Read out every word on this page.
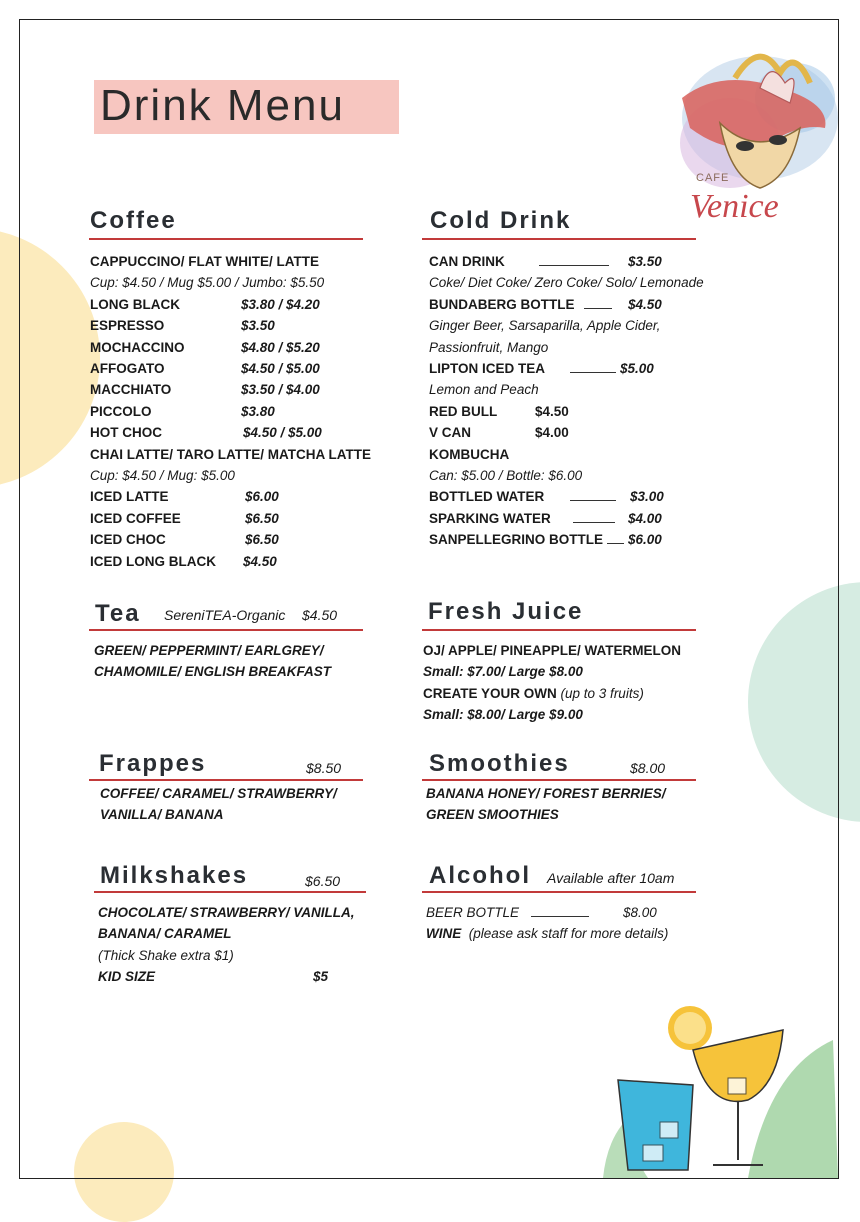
Drink Menu
CAFE
Venice
Coffee
CAPPUCCINO/ FLAT WHITE/ LATTE
Cup: $4.50 / Mug $5.00 / Jumbo: $5.50
LONG BLACK	$3.80 / $4.20
ESPRESSO	$3.50
MOCHACCINO	$4.80 / $5.20
AFFOGATO	$4.50 / $5.00
MACCHIATO	$3.50 / $4.00
PICCOLO	$3.80
HOT CHOC	$4.50 / $5.00
CHAI LATTE/ TARO LATTE/ MATCHA LATTE
Cup: $4.50 / Mug: $5.00
ICED LATTE	$6.00
ICED COFFEE	$6.50
ICED CHOC	$6.50
ICED LONG BLACK $4.50
Cold Drink
CAN DRINK	$3.50
Coke/ Diet Coke/ Zero Coke/ Solo/ Lemonade
BUNDABERG BOTTLE	$4.50
Ginger Beer, Sarsaparilla, Apple Cider,
Passionfruit, Mango
LIPTON ICED TEA	$5.00
Lemon and Peach
RED BULL	$4.50
V CAN	$4.00
KOMBUCHA
Can: $5.00 / Bottle: $6.00
BOTTLED WATER	$3.00
SPARKING WATER	$4.00
SANPELLEGRINO BOTTLE $6.00
Tea SereniTEA-Organic $4.50
GREEN/ PEPPERMINT/ EARLGREY/
CHAMOMILE/ ENGLISH BREAKFAST
Fresh Juice
OJ/ APPLE/ PINEAPPLE/ WATERMELON
Small: $7.00/ Large $8.00
CREATE YOUR OWN (up to 3 fruits)
Small: $8.00/ Large $9.00
Frappes	$8.50
COFFEE/ CARAMEL/ STRAWBERRY/
VANILLA/ BANANA
Smoothies	$8.00
BANANA HONEY/ FOREST BERRIES/
GREEN SMOOTHIES
Milkshakes	$6.50
CHOCOLATE/ STRAWBERRY/ VANILLA,
BANANA/ CARAMEL
(Thick Shake extra $1)
KID SIZE	$5
Alcohol Available after 10am
BEER BOTTLE	$8.00
WINE (please ask staff for more details)
